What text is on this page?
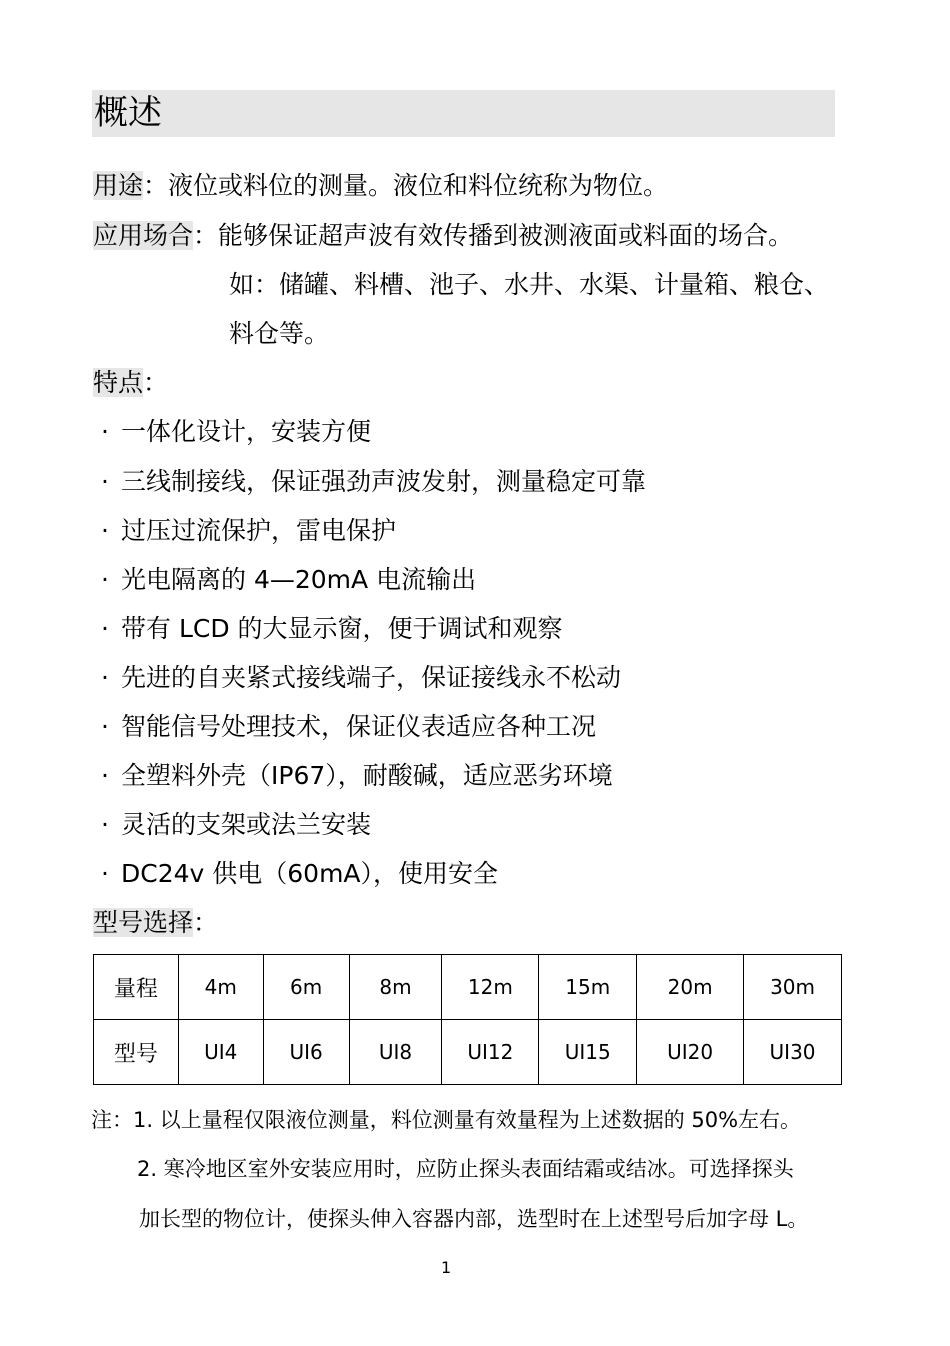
概述
用途：液位或料位的测量。液位和料位统称为物位。
应用场合：能够保证超声波有效传播到被测液面或料面的场合。
如：储罐、料槽、池子、水井、水渠、计量箱、粮仓、
料仓等。
特点：
· 一体化设计，安装方便
· 三线制接线，保证强劲声波发射，测量稳定可靠
· 过压过流保护，雷电保护
· 光电隔离的 4—20mA 电流输出
· 带有 LCD 的大显示窗，便于调试和观察
· 先进的自夹紧式接线端子，保证接线永不松动
· 智能信号处理技术，保证仪表适应各种工况
· 全塑料外壳（IP67），耐酸碱，适应恶劣环境
· 灵活的支架或法兰安装
· DC24v 供电（60mA），使用安全
型号选择：
量程	4m	6m	8m	12m	15m	20m	30m
型号	UI4	UI6	UI8	UI12	UI15	UI20	UI30
注：1. 以上量程仅限液位测量，料位测量有效量程为上述数据的 50%左右。
2. 寒冷地区室外安装应用时，应防止探头表面结霜或结冰。可选择探头
加长型的物位计，使探头伸入容器内部，选型时在上述型号后加字母 L。
1
